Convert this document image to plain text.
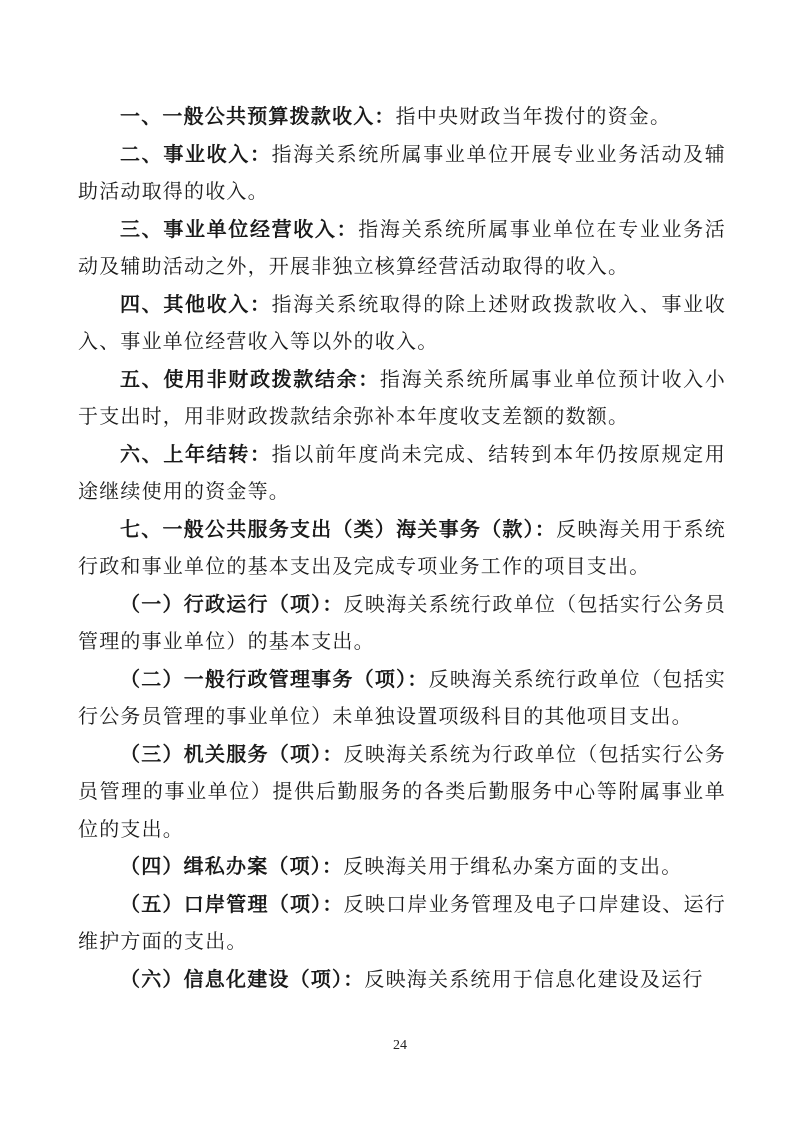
一、一般公共预算拨款收入：指中央财政当年拨付的资金。

二、事业收入：指海关系统所属事业单位开展专业业务活动及辅助活动取得的收入。

三、事业单位经营收入：指海关系统所属事业单位在专业业务活动及辅助活动之外，开展非独立核算经营活动取得的收入。

四、其他收入：指海关系统取得的除上述财政拨款收入、事业收入、事业单位经营收入等以外的收入。

五、使用非财政拨款结余：指海关系统所属事业单位预计收入小于支出时，用非财政拨款结余弥补本年度收支差额的数额。

六、上年结转：指以前年度尚未完成、结转到本年仍按原规定用途继续使用的资金等。

七、一般公共服务支出（类）海关事务（款）：反映海关用于系统行政和事业单位的基本支出及完成专项业务工作的项目支出。

（一）行政运行（项）：反映海关系统行政单位（包括实行公务员管理的事业单位）的基本支出。

（二）一般行政管理事务（项）：反映海关系统行政单位（包括实行公务员管理的事业单位）未单独设置项级科目的其他项目支出。

（三）机关服务（项）：反映海关系统为行政单位（包括实行公务员管理的事业单位）提供后勤服务的各类后勤服务中心等附属事业单位的支出。

（四）缉私办案（项）：反映海关用于缉私办案方面的支出。

（五）口岸管理（项）：反映口岸业务管理及电子口岸建设、运行维护方面的支出。

（六）信息化建设（项）：反映海关系统用于信息化建设及运行

24
